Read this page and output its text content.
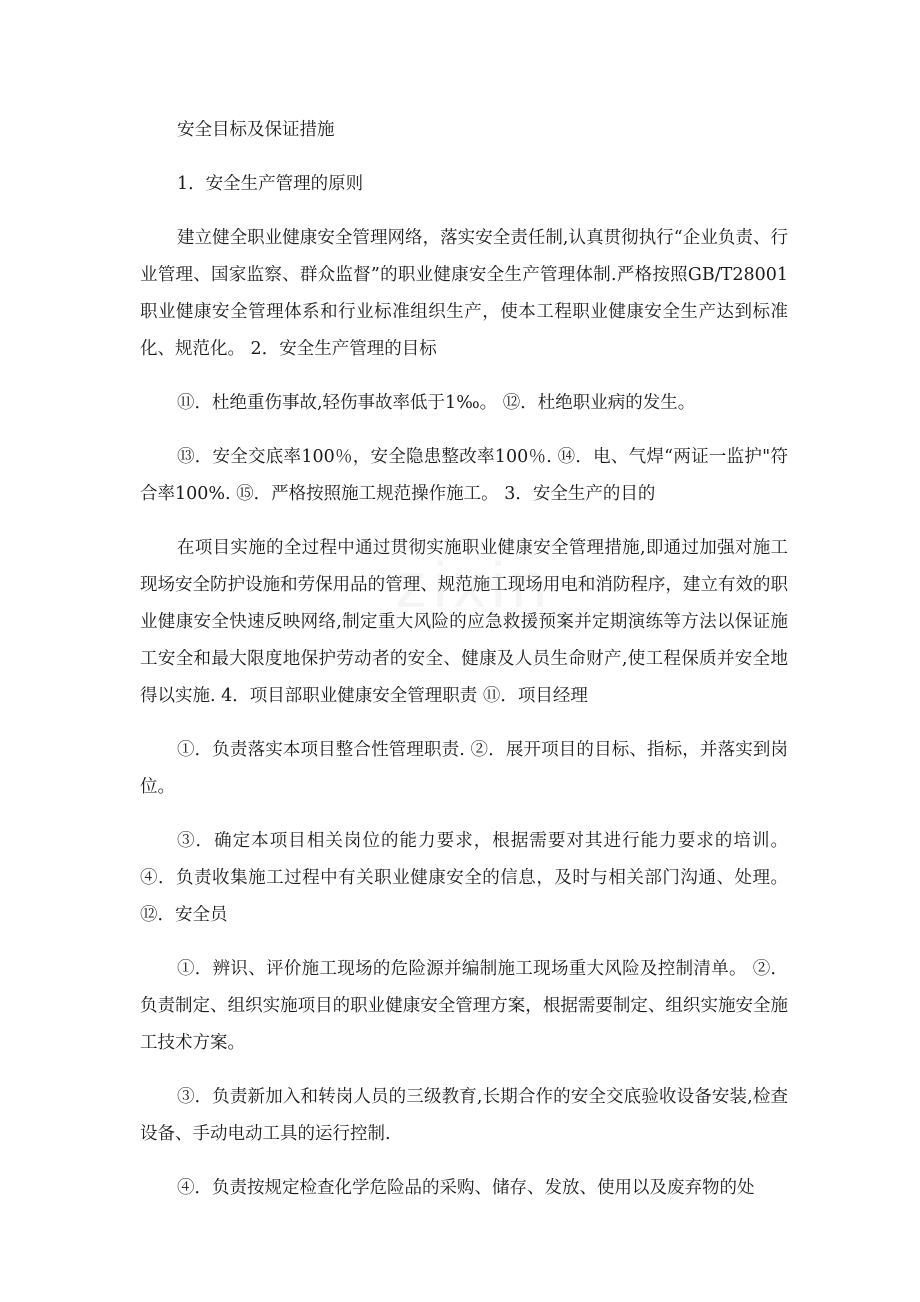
zixin

安全目标及保证措施

1．安全生产管理的原则

建立健全职业健康安全管理网络，落实安全责任制,认真贯彻执行“企业负责、行业管理、国家监察、群众监督”的职业健康安全生产管理体制.严格按照GB/T28001职业健康安全管理体系和行业标准组织生产，使本工程职业健康安全生产达到标准化、规范化。 2．安全生产管理的目标

⑪．杜绝重伤事故,轻伤事故率低于1‰。 ⑫．杜绝职业病的发生。

⑬．安全交底率100％，安全隐患整改率100％. ⑭．电、气焊“两证一监护"符合率100%. ⑮．严格按照施工规范操作施工。 3．安全生产的目的

在项目实施的全过程中通过贯彻实施职业健康安全管理措施,即通过加强对施工现场安全防护设施和劳保用品的管理、规范施工现场用电和消防程序，建立有效的职业健康安全快速反映网络,制定重大风险的应急救援预案并定期演练等方法以保证施工安全和最大限度地保护劳动者的安全、健康及人员生命财产,使工程保质并安全地得以实施. 4．项目部职业健康安全管理职责 ⑪．项目经理

①．负责落实本项目整合性管理职责. ②．展开项目的目标、指标，并落实到岗位。

③．确定本项目相关岗位的能力要求，根据需要对其进行能力要求的培训。 ④．负责收集施工过程中有关职业健康安全的信息，及时与相关部门沟通、处理。 ⑫．安全员

①．辨识、评价施工现场的危险源并编制施工现场重大风险及控制清单。 ②．负责制定、组织实施项目的职业健康安全管理方案，根据需要制定、组织实施安全施工技术方案。

③．负责新加入和转岗人员的三级教育,长期合作的安全交底验收设备安装,检查设备、手动电动工具的运行控制.

④．负责按规定检查化学危险品的采购、储存、发放、使用以及废弃物的处
